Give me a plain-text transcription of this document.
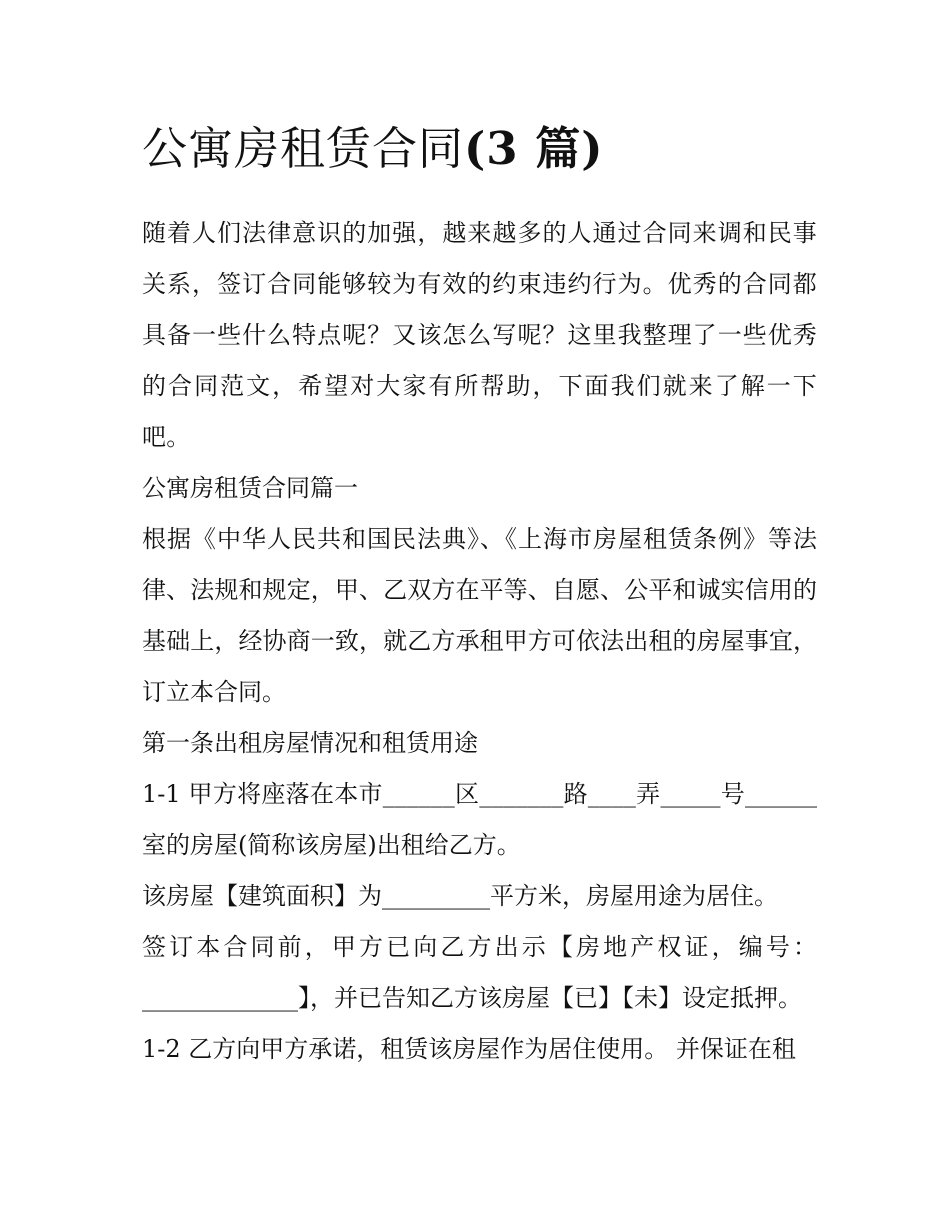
公寓房租赁合同(3 篇)

随着人们法律意识的加强，越来越多的人通过合同来调和民事关系，签订合同能够较为有效的约束违约行为。优秀的合同都具备一些什么特点呢？又该怎么写呢？这里我整理了一些优秀的合同范文，希望对大家有所帮助，下面我们就来了解一下吧。

公寓房租赁合同篇一

根据《中华人民共和国民法典》、《上海市房屋租赁条例》等法律、法规和规定，甲、乙双方在平等、自愿、公平和诚实信用的基础上，经协商一致，就乙方承租甲方可依法出租的房屋事宜，订立本合同。

第一条出租房屋情况和租赁用途

1-1 甲方将座落在本市______区_______路____弄_____号______室的房屋(简称该房屋)出租给乙方。

该房屋【建筑面积】为_________平方米，房屋用途为居住。

签订本合同前，甲方已向乙方出示【房地产权证，编号：_____________】，并已告知乙方该房屋【已】【未】设定抵押。

1-2 乙方向甲方承诺，租赁该房屋作为居住使用。 并保证在租
